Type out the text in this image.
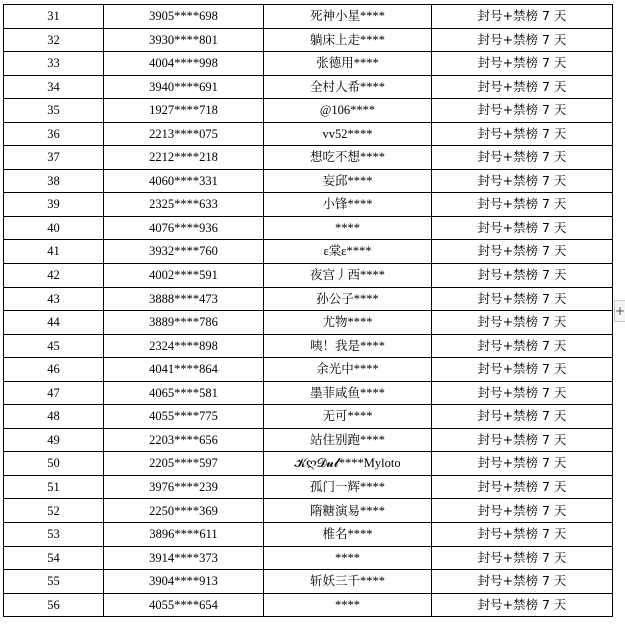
31	3905****698	死神小星****	封号+禁榜 7 天
32	3930****801	躺床上走****	封号+禁榜 7 天
33	4004****998	张德用****	封号+禁榜 7 天
34	3940****691	全村人希****	封号+禁榜 7 天
35	1927****718	@106****	封号+禁榜 7 天
36	2213****075	vv52****	封号+禁榜 7 天
37	2212****218	想吃不想****	封号+禁榜 7 天
38	4060****331	妄邱****	封号+禁榜 7 天
39	2325****633	小锋****	封号+禁榜 7 天
40	4076****936	****	封号+禁榜 7 天
41	3932****760	ε棠ε****	封号+禁榜 7 天
42	4002****591	夜宫丿西****	封号+禁榜 7 天
43	3888****473	孙公子****	封号+禁榜 7 天
44	3889****786	尤物****	封号+禁榜 7 天
45	2324****898	咦！我是****	封号+禁榜 7 天
46	4041****864	余光中****	封号+禁榜 7 天
47	4065****581	墨菲咸鱼****	封号+禁榜 7 天
48	4055****775	无可****	封号+禁榜 7 天
49	2203****656	站住别跑****	封号+禁榜 7 天
50	2205****597	𝓚ღ𝓓𝓾𝓵****Myloto	封号+禁榜 7 天
51	3976****239	孤门一辉****	封号+禁榜 7 天
52	2250****369	隋糖演易****	封号+禁榜 7 天
53	3896****611	椎名****	封号+禁榜 7 天
54	3914****373	****	封号+禁榜 7 天
55	3904****913	斩妖三千****	封号+禁榜 7 天
56	4055****654	****	封号+禁榜 7 天
+
